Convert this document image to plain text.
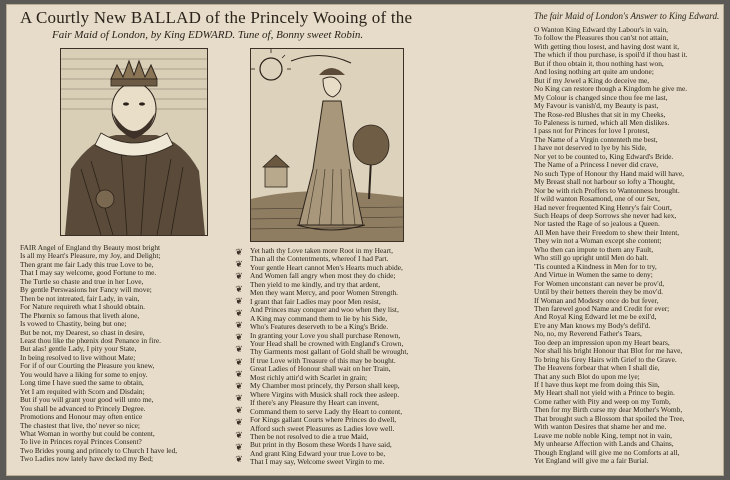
A Courtly New BALLAD of the Princely Wooing of the
Fair Maid of London, by King EDWARD. Tune of, Bonny sweet Robin.
The fair Maid of London's Answer to King Edward.
FAIR Angel of England thy Beauty most bright
Is all my Heart's Pleasure, my Joy, and Delight;
Then grant me fair Lady this true Love to be,
That I may say welcome, good Fortune to me.
The Turtle so chaste and true in her Love,
By gentle Perswasions her Fancy will move;
Then be not intreated, fair Lady, in vain,
For Nature requireth what I should obtain.
The Phœnix so famous that liveth alone,
Is vowed to Chastity, being but one;
But be not, my Dearest, so chast in desire,
Least thou like the phœnix dost Penance in fire.
But alas! gentle Lady, I pity your State,
In being resolved to live without Mate;
For if of our Courting the Pleasure you knew,
You would have a liking for some to enjoy.
Long time I have sued the same to obtain,
Yet I am requited with Scorn and Disdain;
But if you will grant your good will unto me,
You shall be advanced to Princely Degree.
Promotions and Honour may often entice
The chastest that live, tho' never so nice;
What Woman in worthy but could be content,
To live in Princes royal Princes Consent?
Two Brides young and princely to Church I have led,
Two Ladies now lately have decked my Bed;
❦
❦
❦
❦
❦
❦
❦
❦
❦
❦
❦
❦
❦
❦
❦
❦
❦
❦
Yet hath thy Love taken more Root in my Heart,
Than all the Contentments, whereof I had Part.
Your gentle Heart cannot Men's Hearts much abide,
And Women fall angry when most they do chide;
Then yield to me kindly, and try that ardent,
Men they want Mercy, and poor Women Strength.
I grant that fair Ladies may poor Men resist,
And Princes may conquer and woo when they list,
A King may command them to lie by his Side,
Who's Features deserveth to be a King's Bride.
In granting your Love you shall purchase Renown,
Your Head shall be crowned with England's Crown,
Thy Garments most gallant of Gold shall be wrought,
If true Love with Treasure of this may be bought.
Great Ladies of Honour shall wait on her Train,
Most richly attir'd with Scarlet in grain;
My Chamber most princely, thy Person shall keep,
Where Virgins with Musick shall rock thee asleep.
If there's any Pleasure thy Heart can invent,
Command them to serve Lady thy Heart to content,
For Kings gallant Courts where Princes do dwell,
Afford such sweet Pleasures as Ladies love well.
Then be not resolved to die a true Maid,
But print in thy Bosom these Words I have said,
And grant King Edward your true Love to be,
That I may say, Welcome sweet Virgin to me.
O Wanton King Edward thy Labour's in vain,
To follow the Pleasures thou can'st not attain,
With getting thou losest, and having dost want it,
The which if thou purchase, is spoil'd if thou hast it.
But if thou obtain it, thou nothing hast won,
And losing nothing art quite am undone;
But if my Jewel a King do deceive me,
No King can restore though a Kingdom he give me.
My Colour is changed since thou fee me last,
My Favour is vanish'd, my Beauty is past,
The Rose-red Blushes that sit in my Cheeks,
To Paleness is turned, which all Men dislikes.
I pass not for Princes for love I protest,
The Name of a Virgin contenteth me best,
I have not deserved to lye by his Side,
Nor yet to be counted to, King Edward's Bride.
The Name of a Princess I never did crave,
No such Type of Honour thy Hand maid will have,
My Breast shall not harbour so lofty a Thought,
Nor be with rich Proffers to Wantonness brought.
If wild wanton Rosamond, one of our Sex,
Had never frequented King Henry's fair Court,
Such Heaps of deep Sorrows she never had kex,
Nor tasted the Rage of so jealous a Queen.
All Men have their Freedom to shew their Intent,
They win not a Woman except she content;
Who then can impute to them any Fault,
Who still go upright until Men do halt.
'Tis counted a Kindness in Men for to try,
And Virtue in Women the same to deny;
For Women unconstant can never be prov'd,
Until by their betters therein they be mov'd.
If Woman and Modesty once do but fever,
Then farewel good Name and Credit for ever;
And Royal King Edward let me be exil'd,
E're any Man knows my Body's defil'd.
No, no, my Reverend Father's Tears,
Too deep an impression upon my Heart bears,
Nor shall his bright Honour that Blot for me have,
To bring his Grey Hairs with Grief to the Grave.
The Heavens forbear that when I shall die,
That any such Blot do upon me lye;
If I have thus kept me from doing this Sin,
My Heart shall not yield with a Prince to begin.
Come rather with Pity and weep on my Tomb,
Then for my Birth curse my dear Mother's Womb,
That brought such a Blossom that spoiled the Tree,
With wanton Desires that shame her and me.
Leave me noble noble King, tempt not in vain,
My unhearse Affection with Lands and Chains,
Though England will give me no Comforts at all,
Yet England will give me a fair Burial.
